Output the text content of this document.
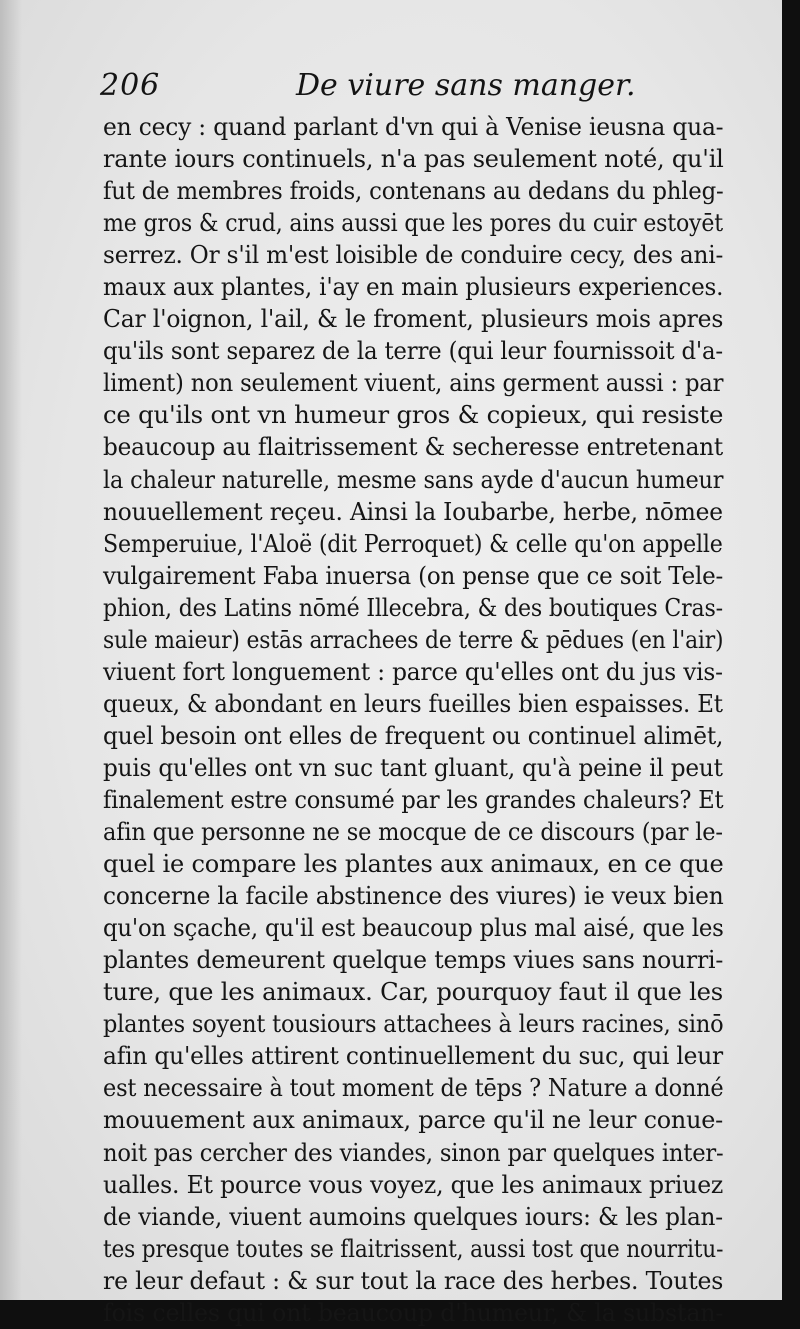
206	De viure sans manger.
en cecy : quand parlant d'vn qui à Venise ieusna qua-
rante iours continuels, n'a pas seulement noté, qu'il
fut de membres froids, contenans au dedans du phleg-
me gros & crud, ains aussi que les pores du cuir estoyēt
serrez. Or s'il m'est loisible de conduire cecy, des ani-
maux aux plantes, i'ay en main plusieurs experiences.
Car l'oignon, l'ail, & le froment, plusieurs mois apres
qu'ils sont separez de la terre (qui leur fournissoit d'a-
liment) non seulement viuent, ains germent aussi : par
ce qu'ils ont vn humeur gros & copieux, qui resiste
beaucoup au flaitrissement & secheresse entretenant
la chaleur naturelle, mesme sans ayde d'aucun humeur
nouuellement reçeu. Ainsi la Ioubarbe, herbe, nōmee
Semperuiue, l'Aloë (dit Perroquet) & celle qu'on appelle
vulgairement Faba inuersa (on pense que ce soit Tele-
phion, des Latins nōmé Illecebra, & des boutiques Cras-
sule maieur) estās arrachees de terre & pēdues (en l'air)
viuent fort longuement : parce qu'elles ont du jus vis-
queux, & abondant en leurs fueilles bien espaisses. Et
quel besoin ont elles de frequent ou continuel alimēt,
puis qu'elles ont vn suc tant gluant, qu'à peine il peut
finalement estre consumé par les grandes chaleurs? Et
afin que personne ne se mocque de ce discours (par le-
quel ie compare les plantes aux animaux, en ce que
concerne la facile abstinence des viures) ie veux bien
qu'on sçache, qu'il est beaucoup plus mal aisé, que les
plantes demeurent quelque temps viues sans nourri-
ture, que les animaux. Car, pourquoy faut il que les
plantes soyent tousiours attachees à leurs racines, sinō
afin qu'elles attirent continuellement du suc, qui leur
est necessaire à tout moment de tēps ? Nature a donné
mouuement aux animaux, parce qu'il ne leur conue-
noit pas cercher des viandes, sinon par quelques inter-
ualles. Et pource vous voyez, que les animaux priuez
de viande, viuent aumoins quelques iours: & les plan-
tes presque toutes se flaitrissent, aussi tost que nourritu-
re leur defaut : & sur tout la race des herbes. Toutes
fois celles qui ont beaucoup d'humeur, & la substan-
